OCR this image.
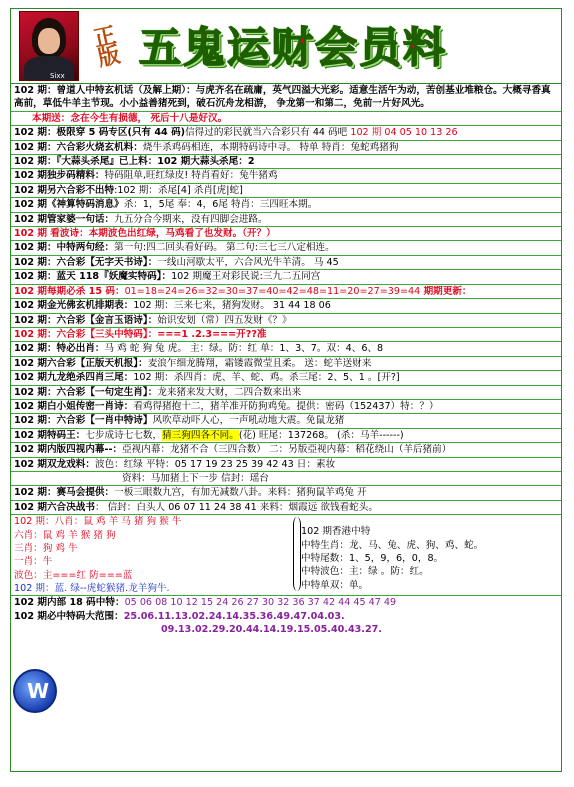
Sixx
正版 五鬼运财会员料
102 期：曾道人中特玄机话（及解上期）：与虎齐名在疏庸，英气四溢大光彩。适意生活午为动，苦创基业堆粮仓。大概寻香真高前，草低牛羊主节现。小小益善猪死到，破石沉舟龙相游， 争龙第一和第二，免前一片好风光。
本期送：念在今生有损德， 死后十八是好汉。
102 期：极限穿 5 码专区(只有 44 码)信得过的彩民就当六合彩只有 44 码吧 102 期 04 05 10 13 26
102 期：六合彩火烧玄机料：烧牛杀鸡码相连，本期特码诗中寻。 特单 特肖：兔蛇鸡猪狗
102 期：『大蒜头杀尾』已上料：102 期大蒜头杀尾：2
102 期独步码精料：特码阻单,旺红绿皮! 特肖看好：兔牛猪鸡
102 期另六合彩不出特:102 期：杀尾[4] 杀肖[虎|蛇]
102 期《神算特码消息》杀：1，5尾 奉：4，6尾 特肖：三四旺本期。
102 期管家婆一句话：九五分合今期来，没有四脚会进路。
102 期 看波诗：本期波色出红绿，马鸡看了也发财。（开？）
102 期：中特两句经：第一句:四二回头看好码。 第二句:三七三八定相连。
102 期：六合彩【无字天书诗】：一线山河歇太平，六合风光牛羊清。 马 45
102 期：蓝天 118『妖魔实特码】：102 期魔王对彩民说:三九二五同宫
102 期每期必杀 15 码：01=18=24=26=32=30=37=40=42=48=11=20=27=39=44 期期更新：
102 期金光佛玄机排期表：102 期：三来七来，猪狗发财。 31 44 18 06
102 期：六合彩【金言玉语诗】：始识安划（常）四五发财《？》
102 期：六合彩【三头中特码】：===1 .2.3===开??准
102 期：特必出肖：马 鸡 蛇 狗 兔 虎。 主：绿。防：红 单：1、3、7。双：4、6、8
102 期六合彩【正版天机报】：麦浪乍细龙腾翔，霜镂霞微莹且柔。 送：蛇羊送财来
102 期九龙绝杀四肖三尾：102 期：杀四肖：虎、羊、蛇、鸡。杀三尾：2、5、1 。[开?]
102 期：六合彩【一句定生肖】：龙来猪来发大财，二四合数来出来
102 期白小姐传密一肖诗：看鸡得猪抱十二，猪羊准开防狗鸡兔。提供：密码（152437）特：？）
102 期：六合彩【一肖中特诗】风吹草动吓人心，一声吼动地大震。免鼠龙猪
102 期特码王：七步成诗七七数，猜三狗四各不同。(花) 旺尾：137268。 (杀：马羊------)
102 期内版四视内幕--：亞视内幕：龙猪不合（三四合数） 二：另版亞视内幕：稻花绕山（羊后猪前）
102 期双龙戏料：波色：红绿 平特：05 17 19 23 25 39 42 43 日：素妆
资料：马加猪上下一步 信封：瑶台
102 期：赛马会提供：一板三眼数九宫，有加无减数八卦。来料：猪狗鼠羊鸡兔 开
102 期六合决战书： 信封：白头人 06 07 11 24 38 41 来料：烟霞远 欲钱看蛇头。
102 期：八肖：鼠 鸡 羊 马 猪 狗 猴 牛
六肖：鼠 鸡 羊 猴 猪 狗
三肖：狗 鸡 牛
一肖：牛
波色：主===红 防===蓝
102 期：蓝. 绿--虎蛇猴猪.龙羊狗牛.
102 期香港中特
中特生肖：龙、马、兔、虎、狗、鸡、蛇。
中特尾数：1、5，9，6，0，8。
中特波色：主：绿 。防：红。
中特单双：单。
102 期内部 18 码中特：05 06 08 10 12 15 24 26 27 30 32 36 37 42 44 45 47 49
102 期必中特码大范围：25.06.11.13.02.24.14.35.36.49.47.04.03.
09.13.02.29.20.44.14.19.15.05.40.43.27.
W
